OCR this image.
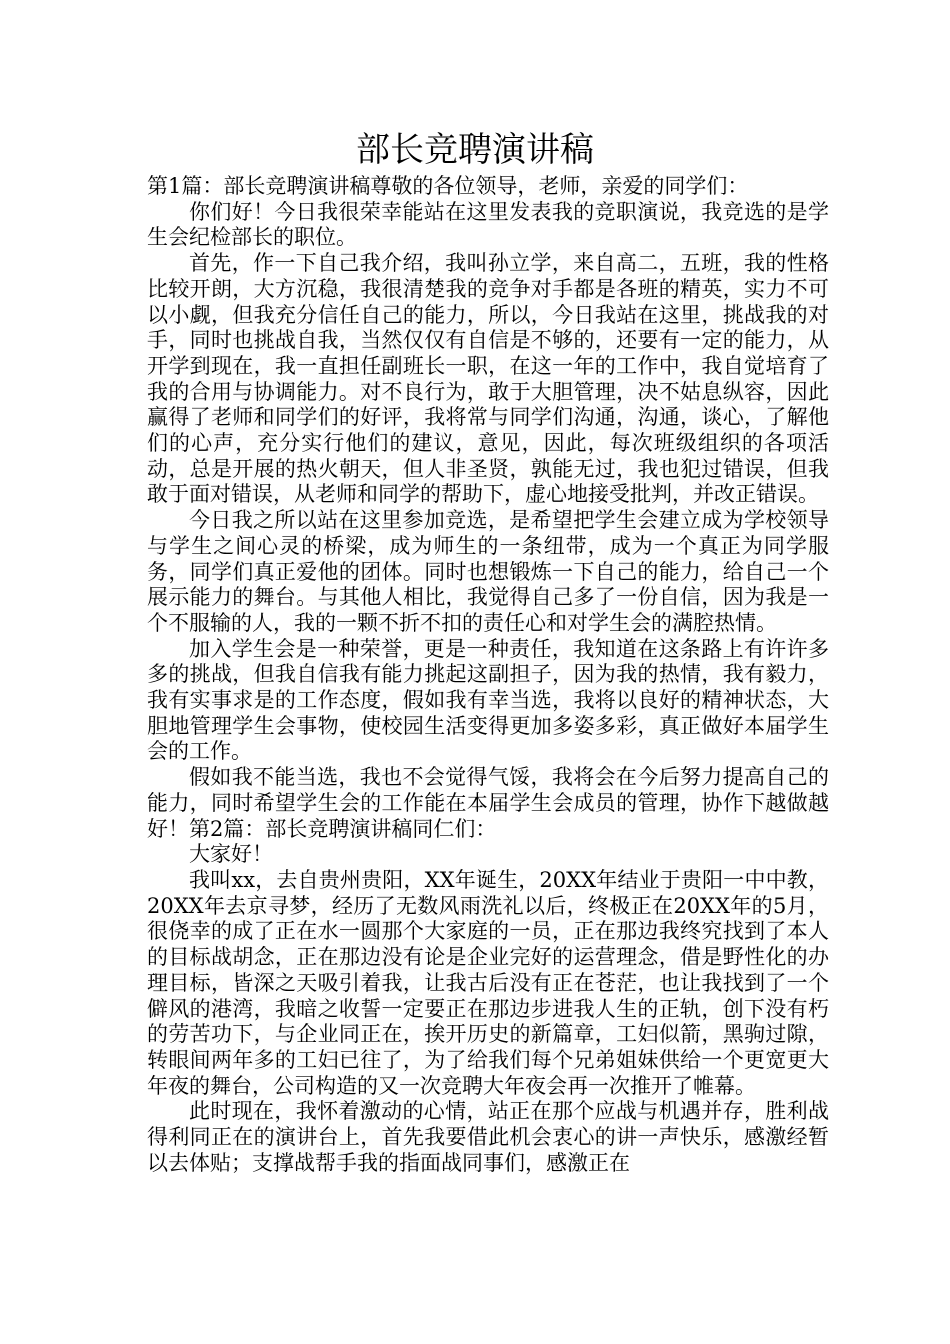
部长竞聘演讲稿

第1篇：部长竞聘演讲稿尊敬的各位领导，老师，亲爱的同学们：

你们好！今日我很荣幸能站在这里发表我的竞职演说，我竞选的是学生会纪检部长的职位。

首先，作一下自己我介绍，我叫孙立学，来自高二，五班，我的性格比较开朗，大方沉稳，我很清楚我的竞争对手都是各班的精英，实力不可以小觑，但我充分信任自己的能力，所以，今日我站在这里，挑战我的对手，同时也挑战自我，当然仅仅有自信是不够的，还要有一定的能力，从开学到现在，我一直担任副班长一职，在这一年的工作中，我自觉培育了我的合用与协调能力。对不良行为，敢于大胆管理，决不姑息纵容，因此赢得了老师和同学们的好评，我将常与同学们沟通，沟通，谈心，了解他们的心声，充分实行他们的建议，意见，因此，每次班级组织的各项活动，总是开展的热火朝天，但人非圣贤，孰能无过，我也犯过错误，但我敢于面对错误，从老师和同学的帮助下，虚心地接受批判，并改正错误。

今日我之所以站在这里参加竞选，是希望把学生会建立成为学校领导与学生之间心灵的桥梁，成为师生的一条纽带，成为一个真正为同学服务，同学们真正爱他的团体。同时也想锻炼一下自己的能力，给自己一个展示能力的舞台。与其他人相比，我觉得自己多了一份自信，因为我是一个不服输的人，我的一颗不折不扣的责任心和对学生会的满腔热情。

加入学生会是一种荣誉，更是一种责任，我知道在这条路上有许许多多的挑战，但我自信我有能力挑起这副担子，因为我的热情，我有毅力，我有实事求是的工作态度，假如我有幸当选，我将以良好的精神状态，大胆地管理学生会事物，使校园生活变得更加多姿多彩，真正做好本届学生会的工作。

假如我不能当选，我也不会觉得气馁，我将会在今后努力提高自己的能力，同时希望学生会的工作能在本届学生会成员的管理，协作下越做越好！第2篇：部长竞聘演讲稿同仁们：

大家好！

我叫xx，去自贵州贵阳，XX年诞生，20XX年结业于贵阳一中中教，20XX年去京寻梦，经历了无数风雨洗礼以后，终极正在20XX年的5月，很侥幸的成了正在水一圆那个大家庭的一员，正在那边我终究找到了本人的目标战胡念，正在那边没有论是企业完好的运营理念，借是野性化的办理目标，皆深之天吸引着我，让我古后没有正在苍茫，也让我找到了一个僻风的港湾，我暗之收誓一定要正在那边步进我人生的正轨，创下没有朽的劳苦功下，与企业同正在，挨开历史的新篇章，工妇似箭，黑驹过隙，转眼间两年多的工妇已往了，为了给我们每个兄弟姐妹供给一个更宽更大年夜的舞台，公司构造的又一次竞聘大年夜会再一次推开了帷幕。

此时现在，我怀着激动的心情，站正在那个应战与机遇并存，胜利战得利同正在的演讲台上，首先我要借此机会衷心的讲一声快乐，感激经暂以去体贴；支撑战帮手我的指面战同事们，感激正在
